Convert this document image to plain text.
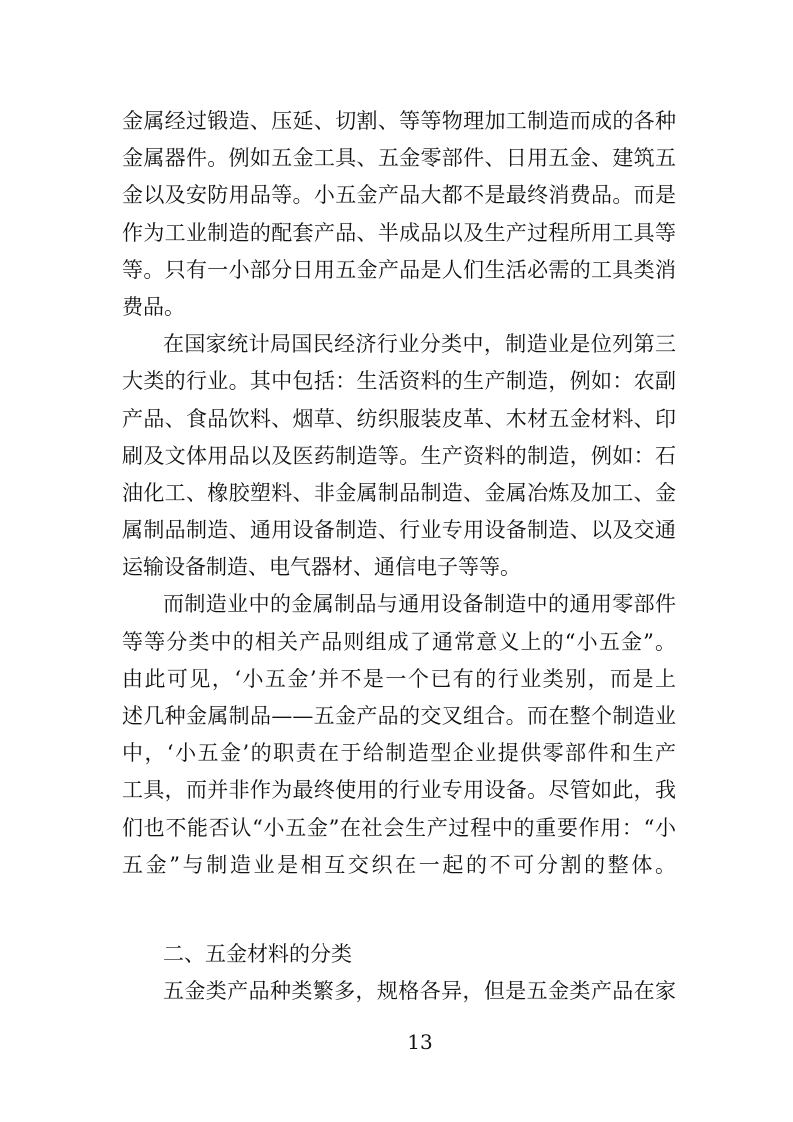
金属经过锻造、压延、切割、等等物理加工制造而成的各种
金属器件。例如五金工具、五金零部件、日用五金、建筑五
金以及安防用品等。小五金产品大都不是最终消费品。而是
作为工业制造的配套产品、半成品以及生产过程所用工具等
等。只有一小部分日用五金产品是人们生活必需的工具类消
费品。
在国家统计局国民经济行业分类中，制造业是位列第三
大类的行业。其中包括：生活资料的生产制造，例如：农副
产品、食品饮料、烟草、纺织服装皮革、木材五金材料、印
刷及文体用品以及医药制造等。生产资料的制造，例如：石
油化工、橡胶塑料、非金属制品制造、金属冶炼及加工、金
属制品制造、通用设备制造、行业专用设备制造、以及交通
运输设备制造、电气器材、通信电子等等。
而制造业中的金属制品与通用设备制造中的通用零部件
等等分类中的相关产品则组成了通常意义上的“小五金”。
由此可见，‘小五金’并不是一个已有的行业类别，而是上
述几种金属制品——五金产品的交叉组合。而在整个制造业
中，‘小五金’的职责在于给制造型企业提供零部件和生产
工具，而并非作为最终使用的行业专用设备。尽管如此，我
们也不能否认“小五金”在社会生产过程中的重要作用：“小
五金”与制造业是相互交织在一起的不可分割的整体。
二、五金材料的分类
五金类产品种类繁多，规格各异，但是五金类产品在家
13
